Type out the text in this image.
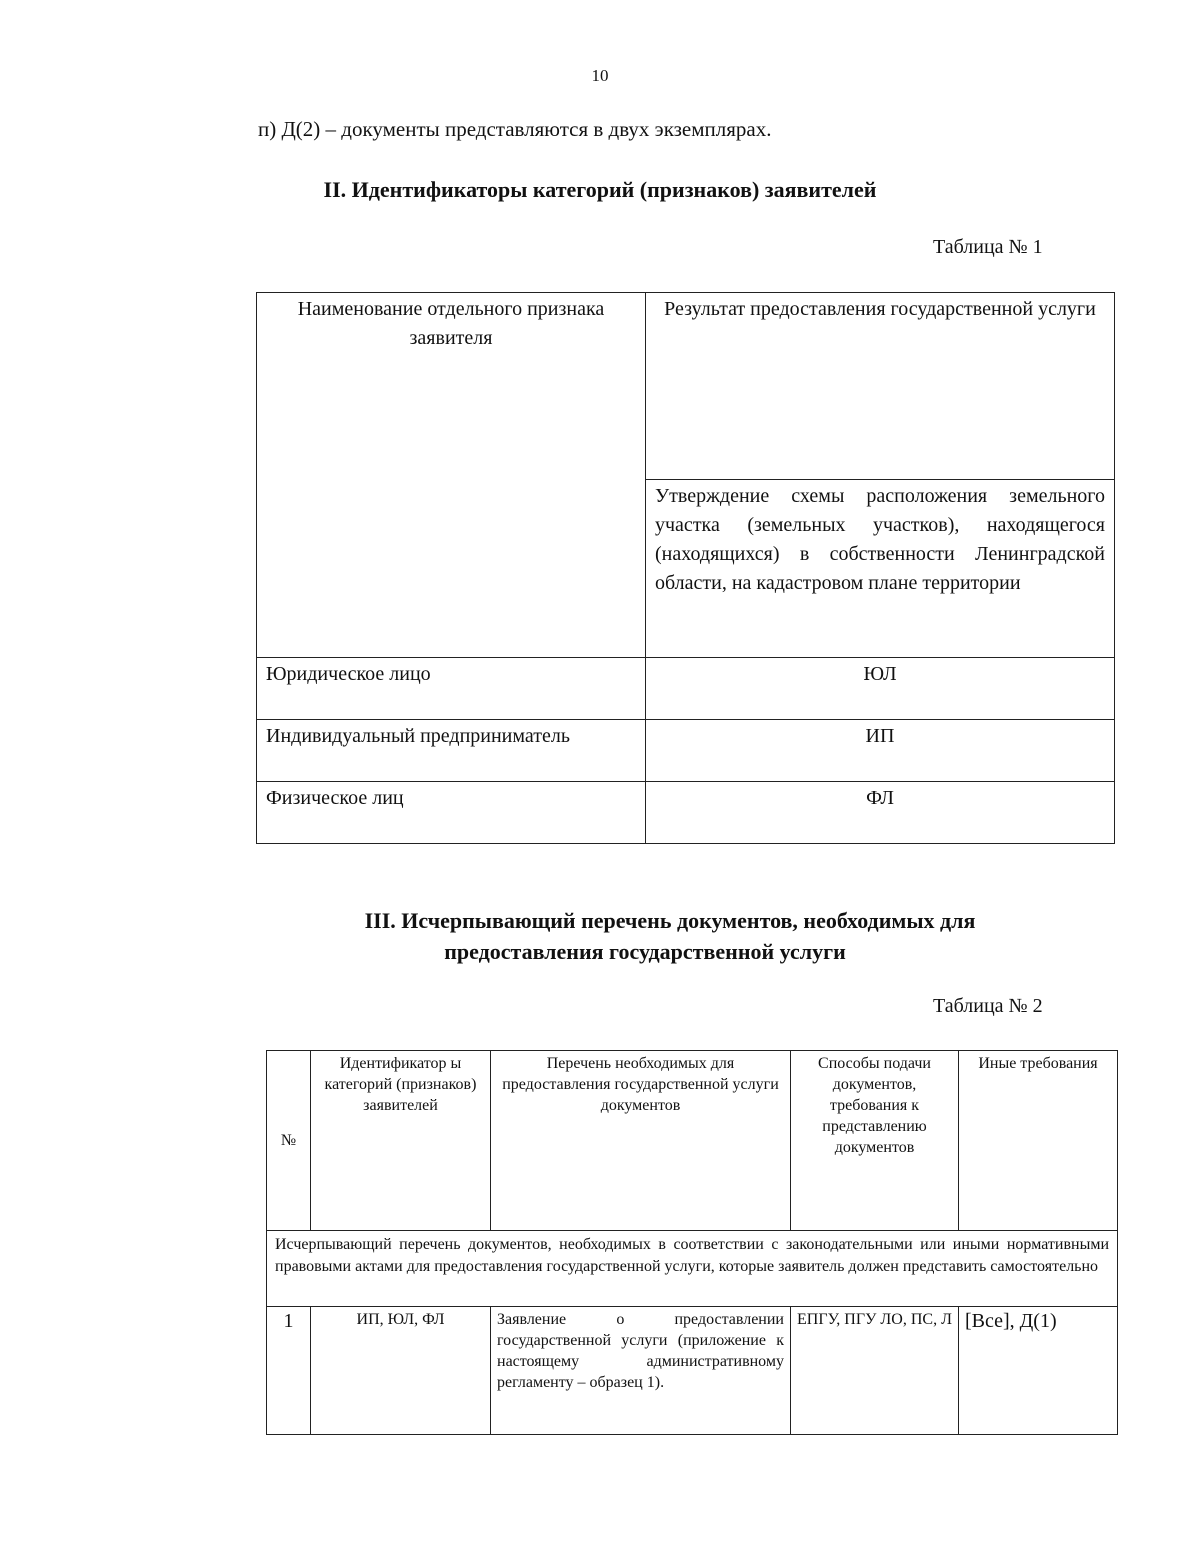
10
п) Д(2) – документы представляются в двух экземплярах.
II. Идентификаторы категорий (признаков) заявителей
Таблица № 1
Наименование отдельного признака заявителя	Результат предоставления государственной услуги
	Утверждение схемы расположения земельного участка (земельных участков), находящегося (находящихся) в собственности Ленинградской области, на кадастровом плане территории
Юридическое лицо	ЮЛ
Индивидуальный предприниматель	ИП
Физическое лиц	ФЛ
III. Исчерпывающий перечень документов, необходимых для
предоставления государственной услуги
Таблица № 2
№	Идентификатор ы категорий (признаков) заявителей	Перечень необходимых для предоставления государственной услуги документов	Способы подачи документов, требования к представлению документов	Иные требования
Исчерпывающий перечень документов, необходимых в соответствии с законодательными или иными нормативными правовыми актами для предоставления государственной услуги, которые заявитель должен представить самостоятельно				
1	ИП, ЮЛ, ФЛ	Заявление о предоставлении государственной услуги (приложение к настоящему административному регламенту – образец 1).	ЕПГУ, ПГУ ЛО, ПС, Л	[Все], Д(1)
